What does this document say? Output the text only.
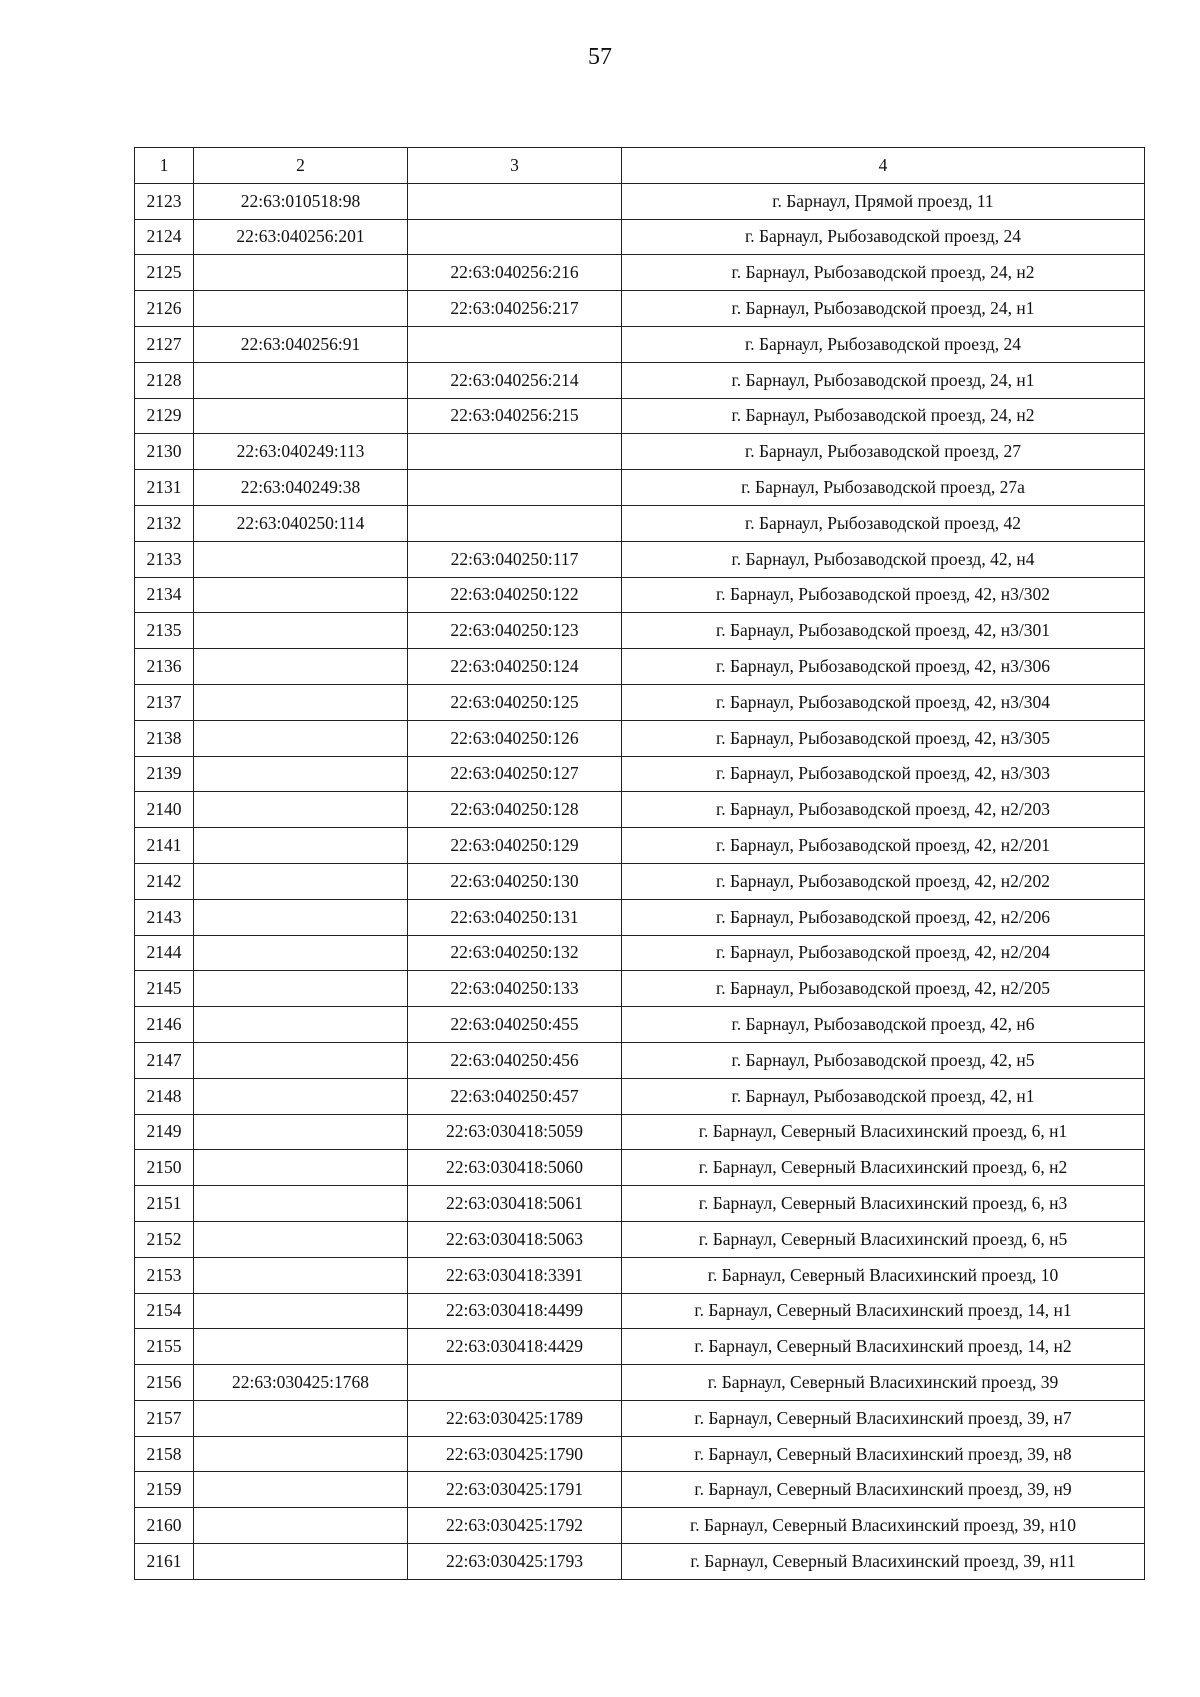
57
1	2	3	4
2123	22:63:010518:98		г. Барнаул, Прямой проезд, 11
2124	22:63:040256:201		г. Барнаул, Рыбозаводской проезд, 24
2125		22:63:040256:216	г. Барнаул, Рыбозаводской проезд, 24, н2
2126		22:63:040256:217	г. Барнаул, Рыбозаводской проезд, 24, н1
2127	22:63:040256:91		г. Барнаул, Рыбозаводской проезд, 24
2128		22:63:040256:214	г. Барнаул, Рыбозаводской проезд, 24, н1
2129		22:63:040256:215	г. Барнаул, Рыбозаводской проезд, 24, н2
2130	22:63:040249:113		г. Барнаул, Рыбозаводской проезд, 27
2131	22:63:040249:38		г. Барнаул, Рыбозаводской проезд, 27а
2132	22:63:040250:114		г. Барнаул, Рыбозаводской проезд, 42
2133		22:63:040250:117	г. Барнаул, Рыбозаводской проезд, 42, н4
2134		22:63:040250:122	г. Барнаул, Рыбозаводской проезд, 42, н3/302
2135		22:63:040250:123	г. Барнаул, Рыбозаводской проезд, 42, н3/301
2136		22:63:040250:124	г. Барнаул, Рыбозаводской проезд, 42, н3/306
2137		22:63:040250:125	г. Барнаул, Рыбозаводской проезд, 42, н3/304
2138		22:63:040250:126	г. Барнаул, Рыбозаводской проезд, 42, н3/305
2139		22:63:040250:127	г. Барнаул, Рыбозаводской проезд, 42, н3/303
2140		22:63:040250:128	г. Барнаул, Рыбозаводской проезд, 42, н2/203
2141		22:63:040250:129	г. Барнаул, Рыбозаводской проезд, 42, н2/201
2142		22:63:040250:130	г. Барнаул, Рыбозаводской проезд, 42, н2/202
2143		22:63:040250:131	г. Барнаул, Рыбозаводской проезд, 42, н2/206
2144		22:63:040250:132	г. Барнаул, Рыбозаводской проезд, 42, н2/204
2145		22:63:040250:133	г. Барнаул, Рыбозаводской проезд, 42, н2/205
2146		22:63:040250:455	г. Барнаул, Рыбозаводской проезд, 42, н6
2147		22:63:040250:456	г. Барнаул, Рыбозаводской проезд, 42, н5
2148		22:63:040250:457	г. Барнаул, Рыбозаводской проезд, 42, н1
2149		22:63:030418:5059	г. Барнаул, Северный Власихинский проезд, 6, н1
2150		22:63:030418:5060	г. Барнаул, Северный Власихинский проезд, 6, н2
2151		22:63:030418:5061	г. Барнаул, Северный Власихинский проезд, 6, н3
2152		22:63:030418:5063	г. Барнаул, Северный Власихинский проезд, 6, н5
2153		22:63:030418:3391	г. Барнаул, Северный Власихинский проезд, 10
2154		22:63:030418:4499	г. Барнаул, Северный Власихинский проезд, 14, н1
2155		22:63:030418:4429	г. Барнаул, Северный Власихинский проезд, 14, н2
2156	22:63:030425:1768		г. Барнаул, Северный Власихинский проезд, 39
2157		22:63:030425:1789	г. Барнаул, Северный Власихинский проезд, 39, н7
2158		22:63:030425:1790	г. Барнаул, Северный Власихинский проезд, 39, н8
2159		22:63:030425:1791	г. Барнаул, Северный Власихинский проезд, 39, н9
2160		22:63:030425:1792	г. Барнаул, Северный Власихинский проезд, 39, н10
2161		22:63:030425:1793	г. Барнаул, Северный Власихинский проезд, 39, н11
